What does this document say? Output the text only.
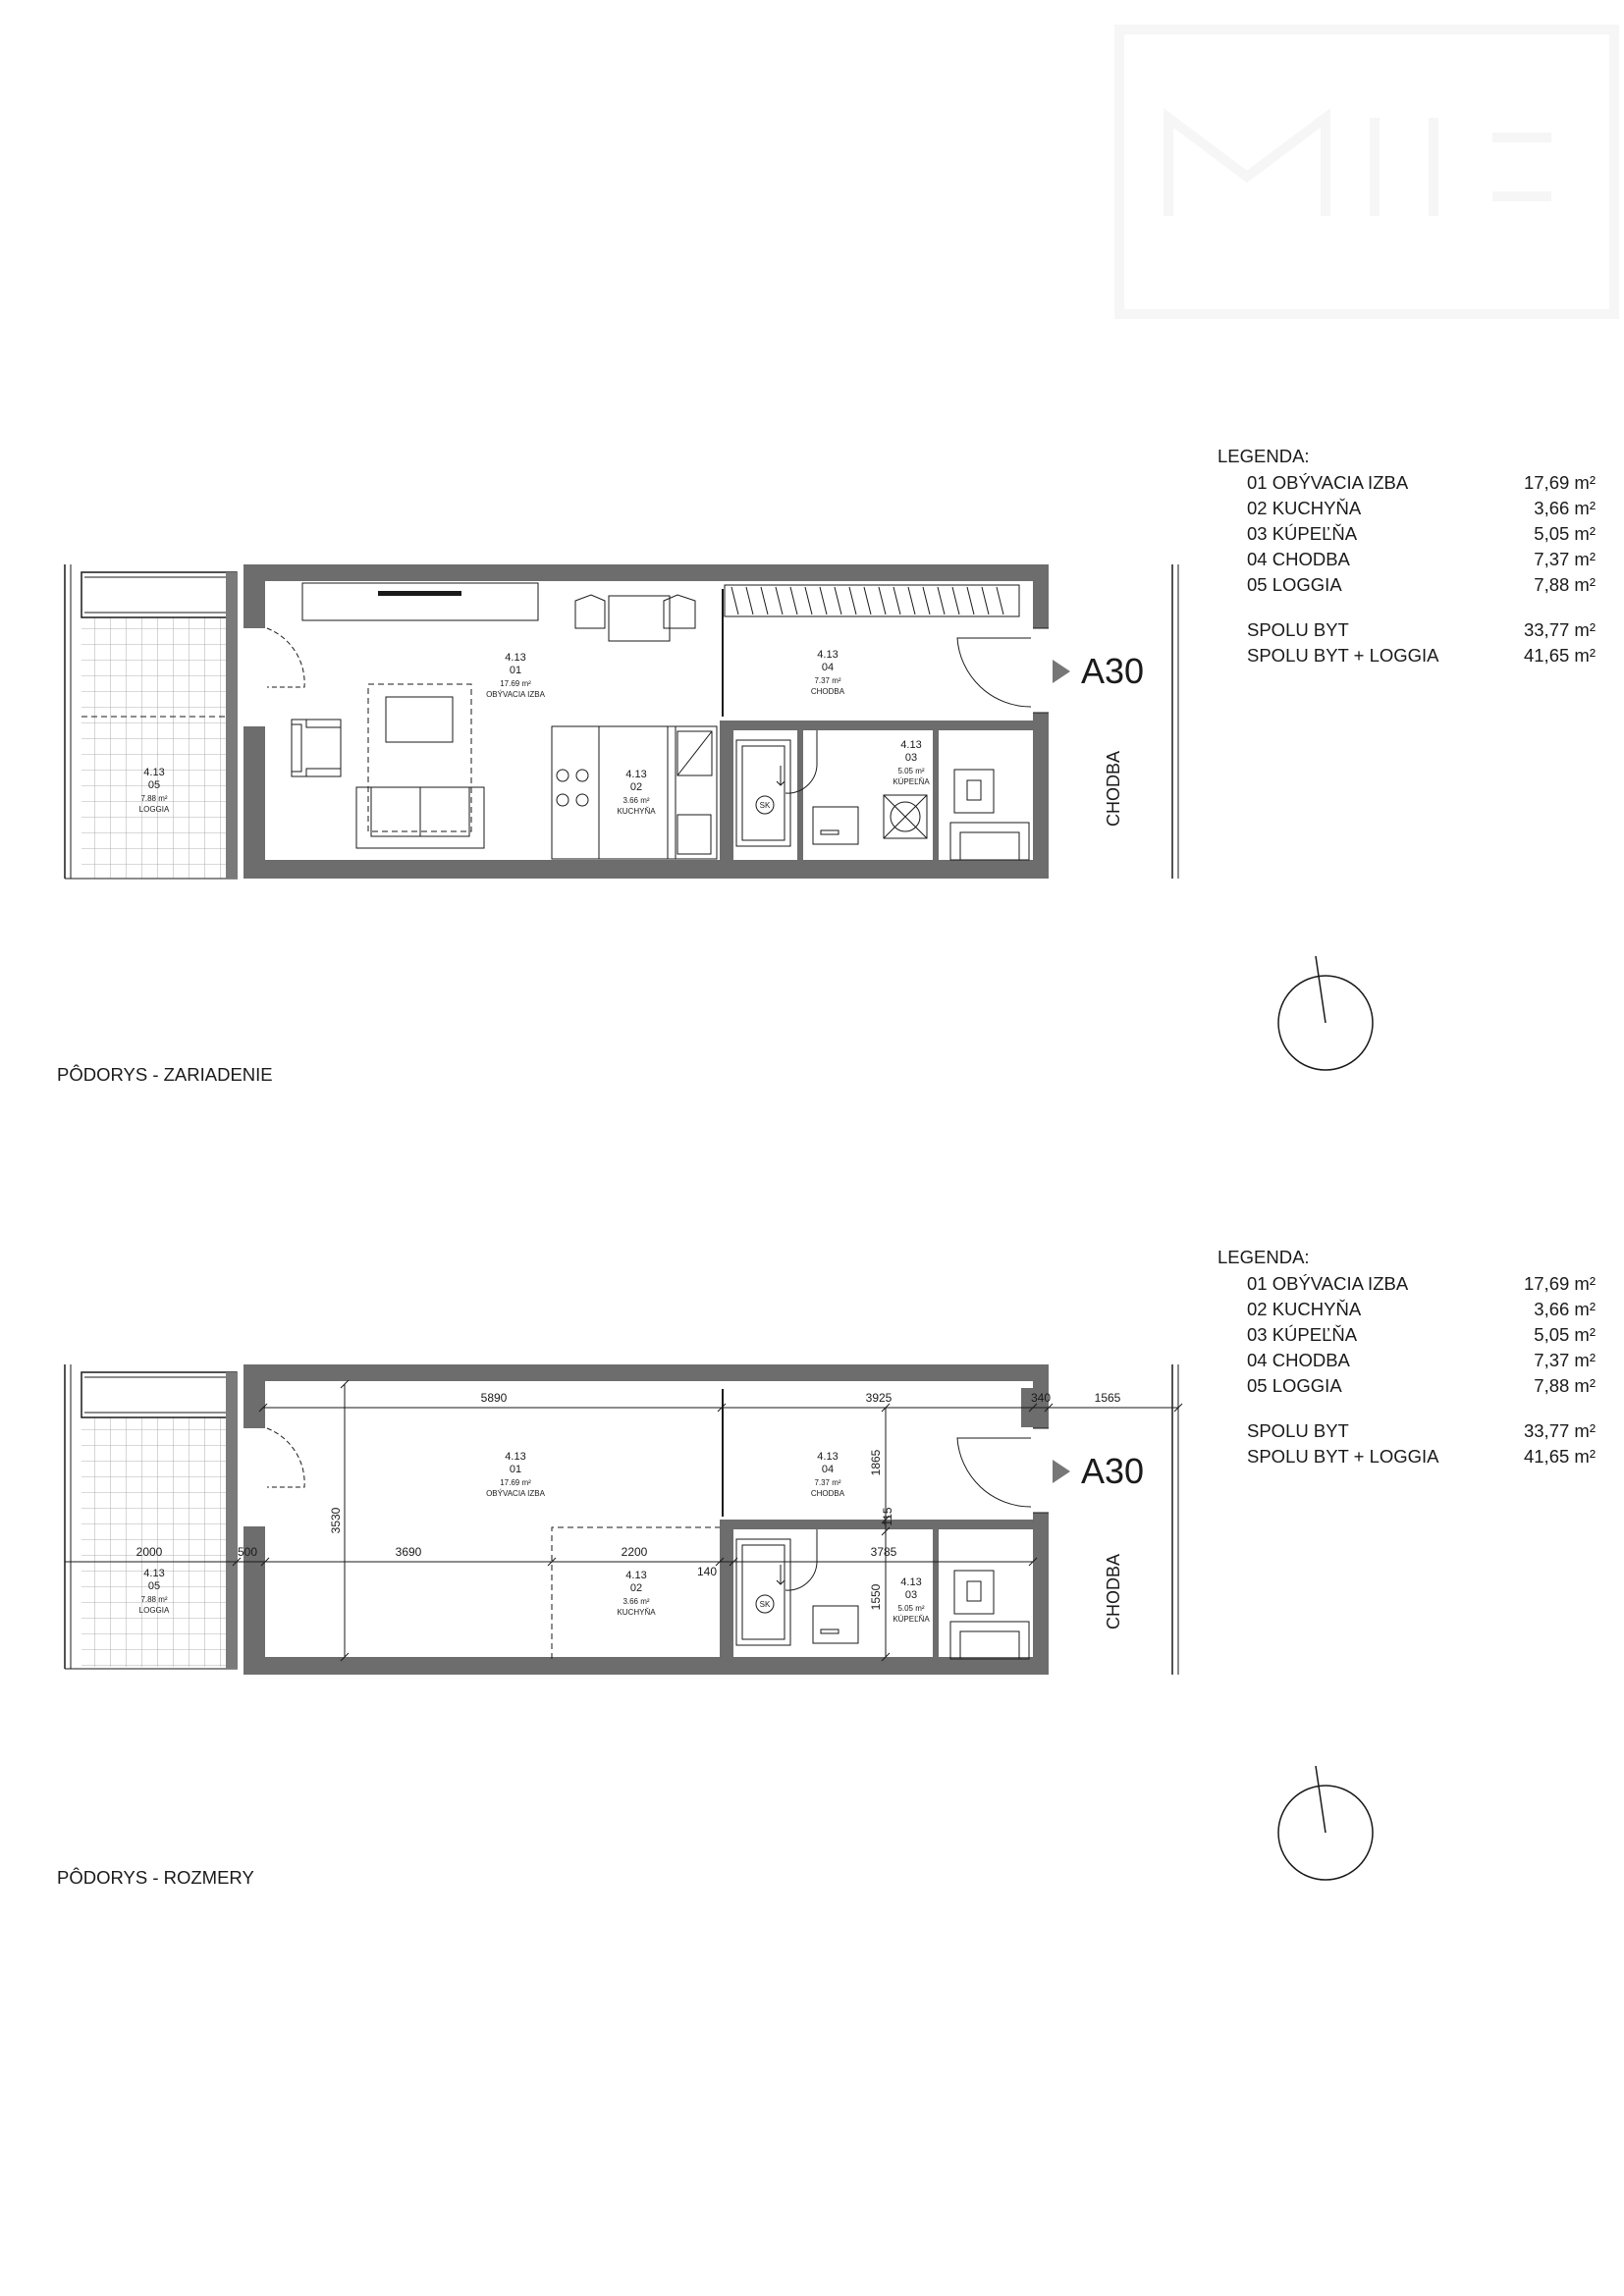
LEGENDA:
01 OBÝVACIA IZBA	17,69 m²
02 KUCHYŇA	3,66 m²
03 KÚPEĽŇA	5,05 m²
04 CHODBA	7,37 m²
05 LOGGIA	7,88 m²
SPOLU BYT	33,77 m²
SPOLU BYT + LOGGIA	41,65 m²
LEGENDA:
01 OBÝVACIA IZBA	17,69 m²
02 KUCHYŇA	3,66 m²
03 KÚPEĽŇA	5,05 m²
04 CHODBA	7,37 m²
05 LOGGIA	7,88 m²
SPOLU BYT	33,77 m²
SPOLU BYT + LOGGIA	41,65 m²
4.13
01
17.69 m²
OBÝVACIA IZBA
4.13
04
7.37 m²
CHODBA
4.13
02
3.66 m²
KUCHYŇA
4.13
03
5.05 m²
KÚPEĽŇA
4.13
05
7.88 m²
LOGGIA	SK
A30
CHODBA
PÔDORYS - ZARIADENIE
5890	3925	340	1565
2000	500	3690	2200
140
3785
3530
1865
115
1550
4.13
01
17.69 m²
OBÝVACIA IZBA
4.13
04
7.37 m²
CHODBA
4.13
02
3.66 m²
KUCHYŇA
4.13
03
5.05 m²
KÚPEĽŇA
4.13
05
7.88 m²
LOGGIA
SK
A30
CHODBA
PÔDORYS - ROZMERY
